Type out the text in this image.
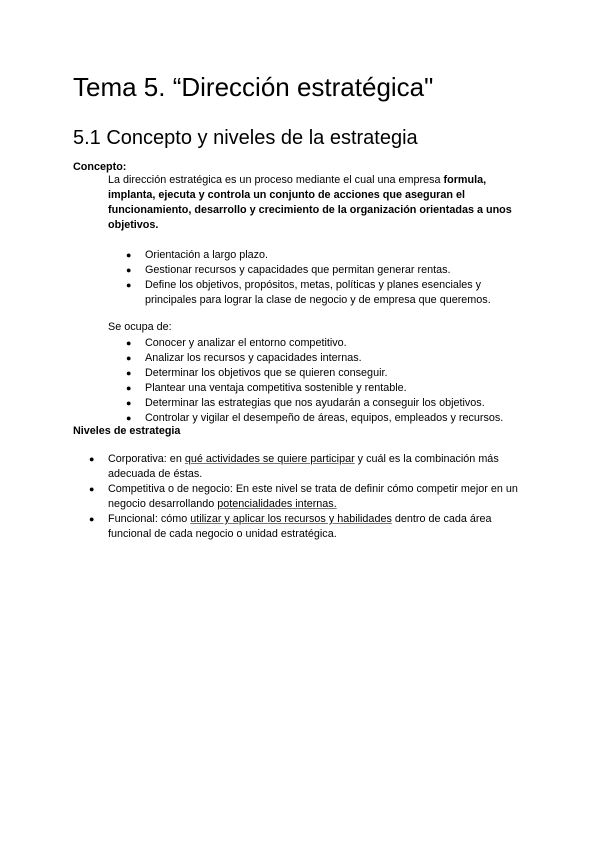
Tema 5. “Dirección estratégica"
5.1 Concepto y niveles de la estrategia
Concepto:
La dirección estratégica es un proceso mediante el cual una empresa formula, implanta, ejecuta y controla un conjunto de acciones que aseguran el funcionamiento, desarrollo y crecimiento de la organización orientadas a unos objetivos.
● Orientación a largo plazo.
● Gestionar recursos y capacidades que permitan generar rentas.
● Define los objetivos, propósitos, metas, políticas y planes esenciales y principales para lograr la clase de negocio y de empresa que queremos.
Se ocupa de:
● Conocer y analizar el entorno competitivo.
● Analizar los recursos y capacidades internas.
● Determinar los objetivos que se quieren conseguir.
● Plantear una ventaja competitiva sostenible y rentable.
● Determinar las estrategias que nos ayudarán a conseguir los objetivos.
● Controlar y vigilar el desempeño de áreas, equipos, empleados y recursos.
Niveles de estrategia
● Corporativa: en qué actividades se quiere participar y cuál es la combinación más adecuada de éstas.
● Competitiva o de negocio: En este nivel se trata de definir cómo competir mejor en un negocio desarrollando potencialidades internas.
● Funcional: cómo utilizar y aplicar los recursos y habilidades dentro de cada área funcional de cada negocio o unidad estratégica.
